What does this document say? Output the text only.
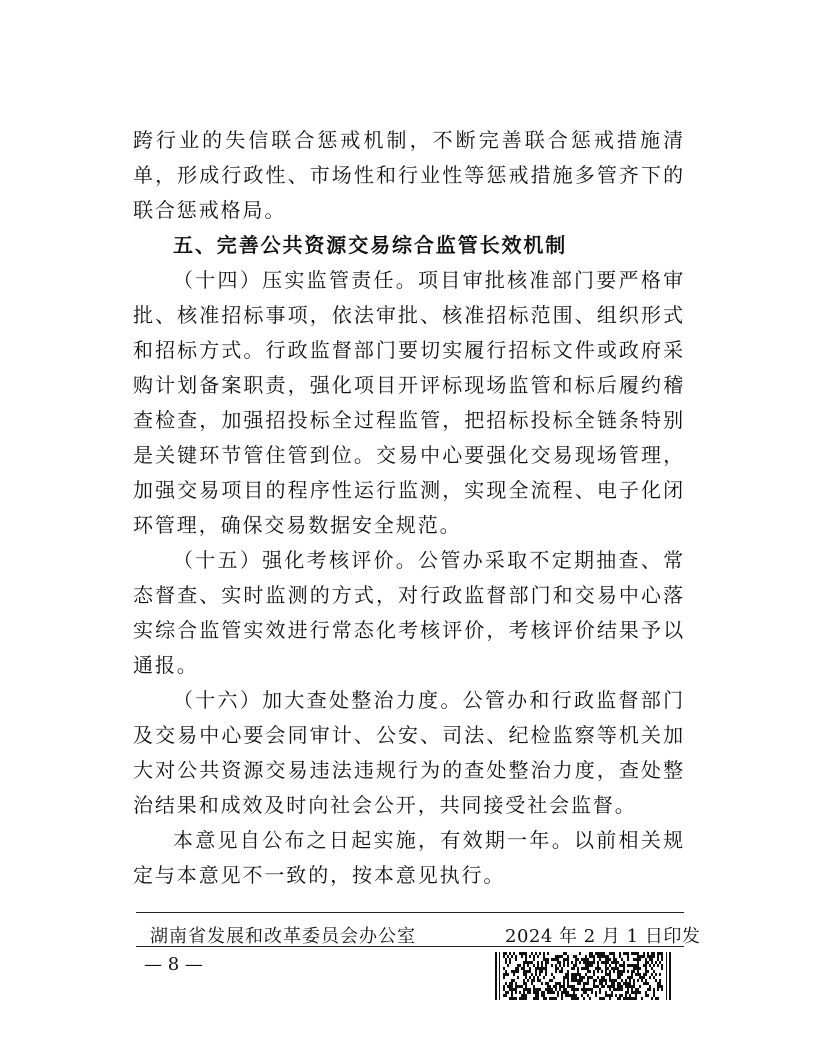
跨行业的失信联合惩戒机制，不断完善联合惩戒措施清单，形成行政性、市场性和行业性等惩戒措施多管齐下的联合惩戒格局。

五、完善公共资源交易综合监管长效机制

（十四）压实监管责任。项目审批核准部门要严格审批、核准招标事项，依法审批、核准招标范围、组织形式和招标方式。行政监督部门要切实履行招标文件或政府采购计划备案职责，强化项目开评标现场监管和标后履约稽查检查，加强招投标全过程监管，把招标投标全链条特别是关键环节管住管到位。交易中心要强化交易现场管理，加强交易项目的程序性运行监测，实现全流程、电子化闭环管理，确保交易数据安全规范。

（十五）强化考核评价。公管办采取不定期抽查、常态督查、实时监测的方式，对行政监督部门和交易中心落实综合监管实效进行常态化考核评价，考核评价结果予以通报。

（十六）加大查处整治力度。公管办和行政监督部门及交易中心要会同审计、公安、司法、纪检监察等机关加大对公共资源交易违法违规行为的查处整治力度，查处整治结果和成效及时向社会公开，共同接受社会监督。

本意见自公布之日起实施，有效期一年。以前相关规定与本意见不一致的，按本意见执行。

湖南省发展和改革委员会办公室	2024 年 2 月 1 日印发
— 8 —
